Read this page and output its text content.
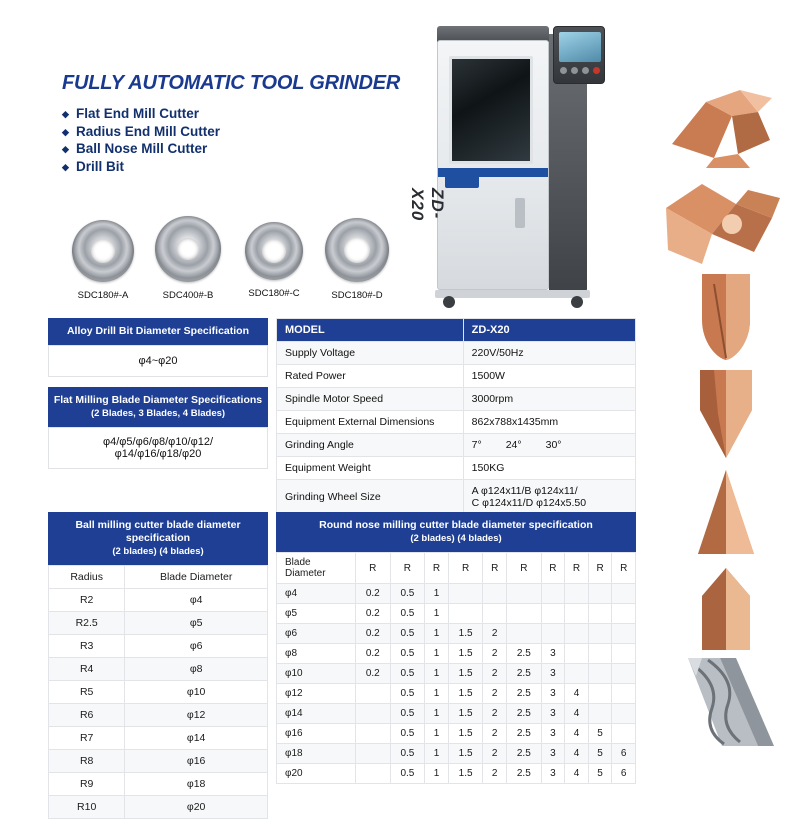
FULLY AUTOMATIC TOOL GRINDER
◆ Flat End Mill Cutter
◆ Radius End Mill Cutter
◆ Ball Nose Mill Cutter
◆ Drill Bit
SDC180#-A	SDC400#-B	SDC180#-C	SDC180#-D
ZD-X20
Alloy Drill Bit Diameter Specification
φ4~φ20
Flat Milling Blade Diameter Specifications
(2 Blades, 3 Blades, 4 Blades)
φ4/φ5/φ6/φ8/φ10/φ12/
φ14/φ16/φ18/φ20
MODEL	ZD-X20
Supply Voltage	220V/50Hz
Rated Power	1500W
Spindle Motor Speed	3000rpm
Equipment External Dimensions	862x788x1435mm
Grinding Angle	7° 24° 30°

Equipment Weight	150KG
Grinding Wheel Size	A φ124x11/B φ124x11/
C φ124x11/D φ124x5.50
Ball milling cutter blade diameter specification
(2 blades) (4 blades)
Radius	Blade Diameter
R2	φ4
R2.5	φ5
R3	φ6
R4	φ8
R5	φ10
R6	φ12
R7	φ14
R8	φ16
R9	φ18
R10	φ20
Round nose milling cutter blade diameter specification
(2 blades) (4 blades)
Blade Diameter	R	R	R	R	R	R	R	R	R	R
φ4	0.2	0.5	1							
φ5	0.2	0.5	1							
φ6	0.2	0.5	1	1.5	2					
φ8	0.2	0.5	1	1.5	2	2.5	3			
φ10	0.2	0.5	1	1.5	2	2.5	3			
φ12		0.5	1	1.5	2	2.5	3	4		
φ14		0.5	1	1.5	2	2.5	3	4		
φ16		0.5	1	1.5	2	2.5	3	4	5	
φ18		0.5	1	1.5	2	2.5	3	4	5	6
φ20		0.5	1	1.5	2	2.5	3	4	5	6
